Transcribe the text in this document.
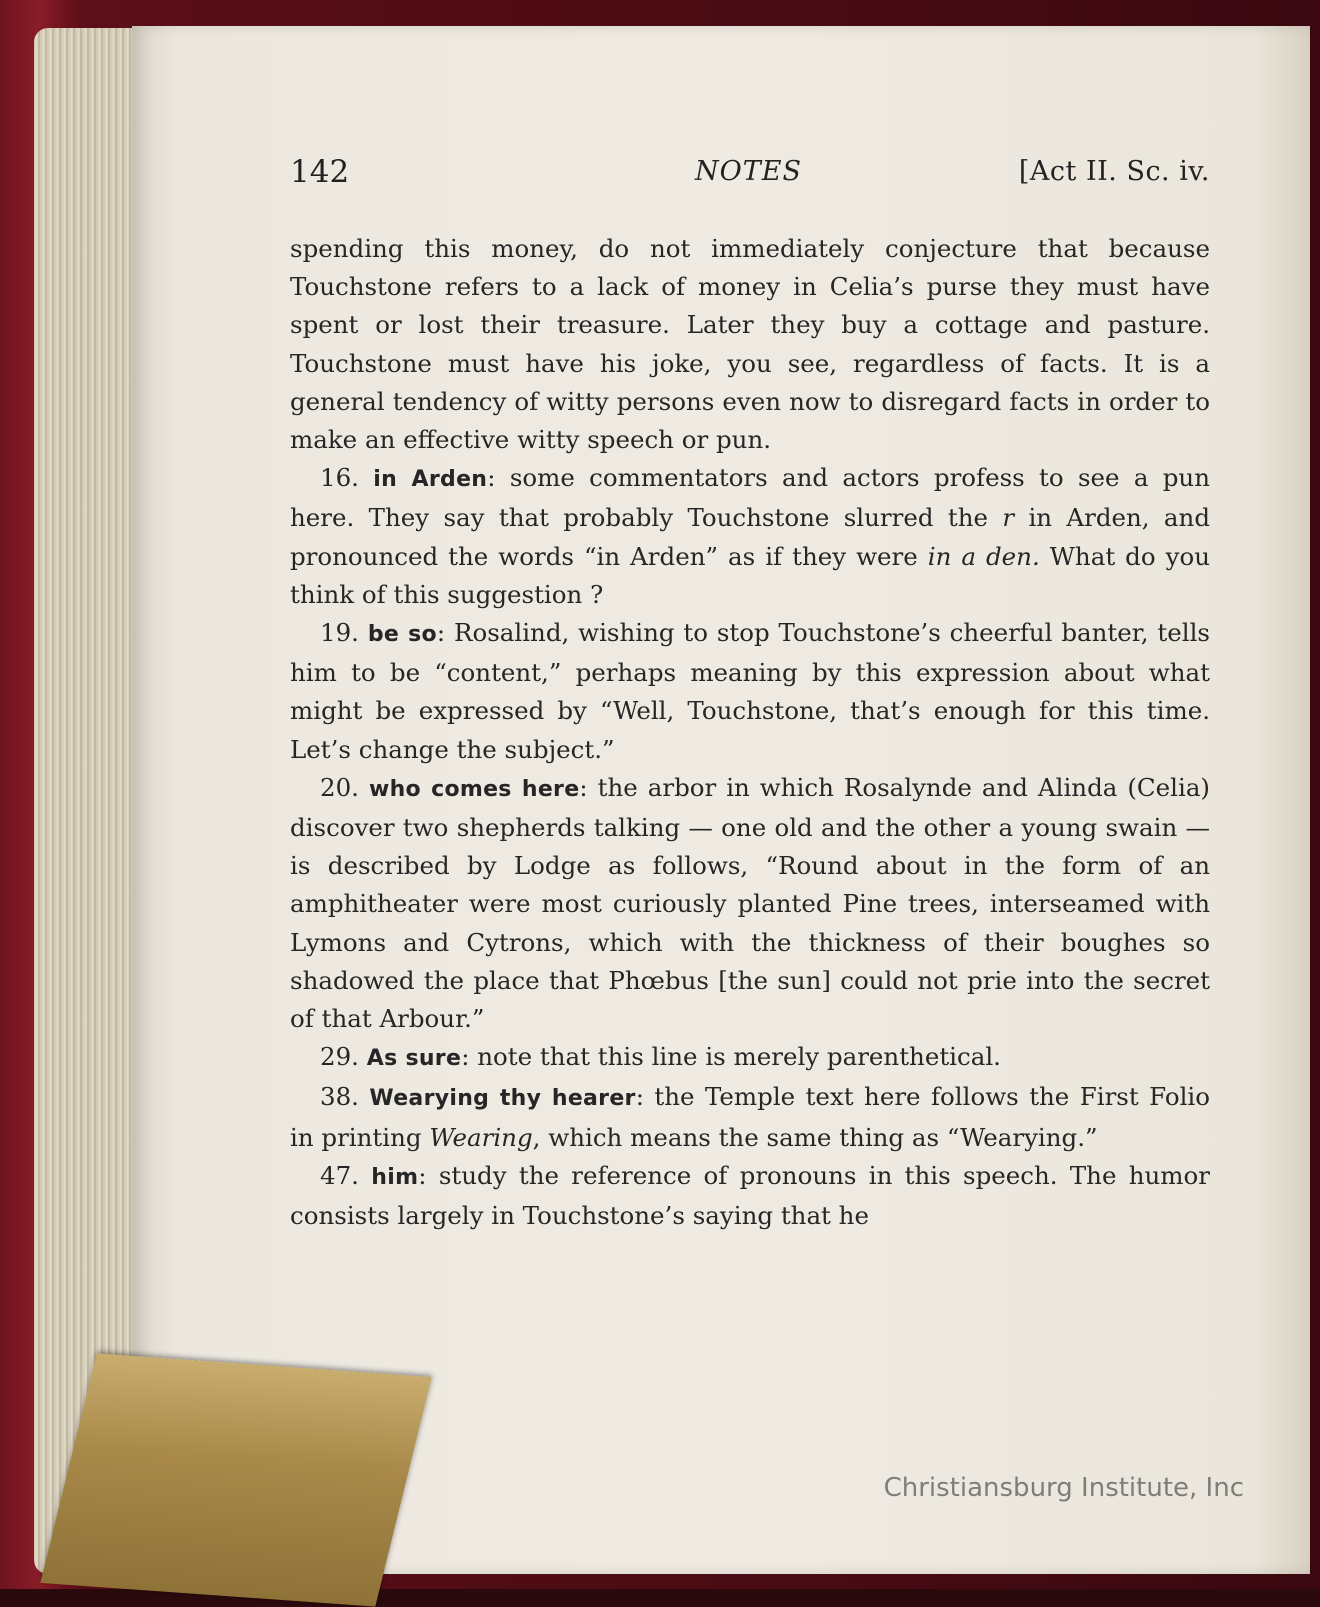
142	NOTES	[Act II. Sc. iv.

spending this money, do not immediately conjecture that because Touchstone refers to a lack of money in Celia’s purse they must have spent or lost their treasure. Later they buy a cottage and pasture. Touchstone must have his joke, you see, regardless of facts. It is a general tendency of witty persons even now to disregard facts in order to make an effective witty speech or pun.

16. in Arden: some commentators and actors profess to see a pun here. They say that probably Touchstone slurred the r in Arden, and pronounced the words “in Arden” as if they were in a den. What do you think of this suggestion ?

19. be so: Rosalind, wishing to stop Touchstone’s cheerful banter, tells him to be “content,” perhaps meaning by this expression about what might be expressed by “Well, Touchstone, that’s enough for this time. Let’s change the subject.”

20. who comes here: the arbor in which Rosalynde and Alinda (Celia) discover two shepherds talking — one old and the other a young swain — is described by Lodge as follows, “Round about in the form of an amphitheater were most curiously planted Pine trees, interseamed with Lymons and Cytrons, which with the thickness of their boughes so shadowed the place that Phœbus [the sun] could not prie into the secret of that Arbour.”

29. As sure: note that this line is merely parenthetical.

38. Wearying thy hearer: the Temple text here follows the First Folio in printing Wearing, which means the same thing as “Wearying.”

47. him: study the reference of pronouns in this speech. The humor consists largely in Touchstone’s saying that he

Christiansburg Institute, Inc
